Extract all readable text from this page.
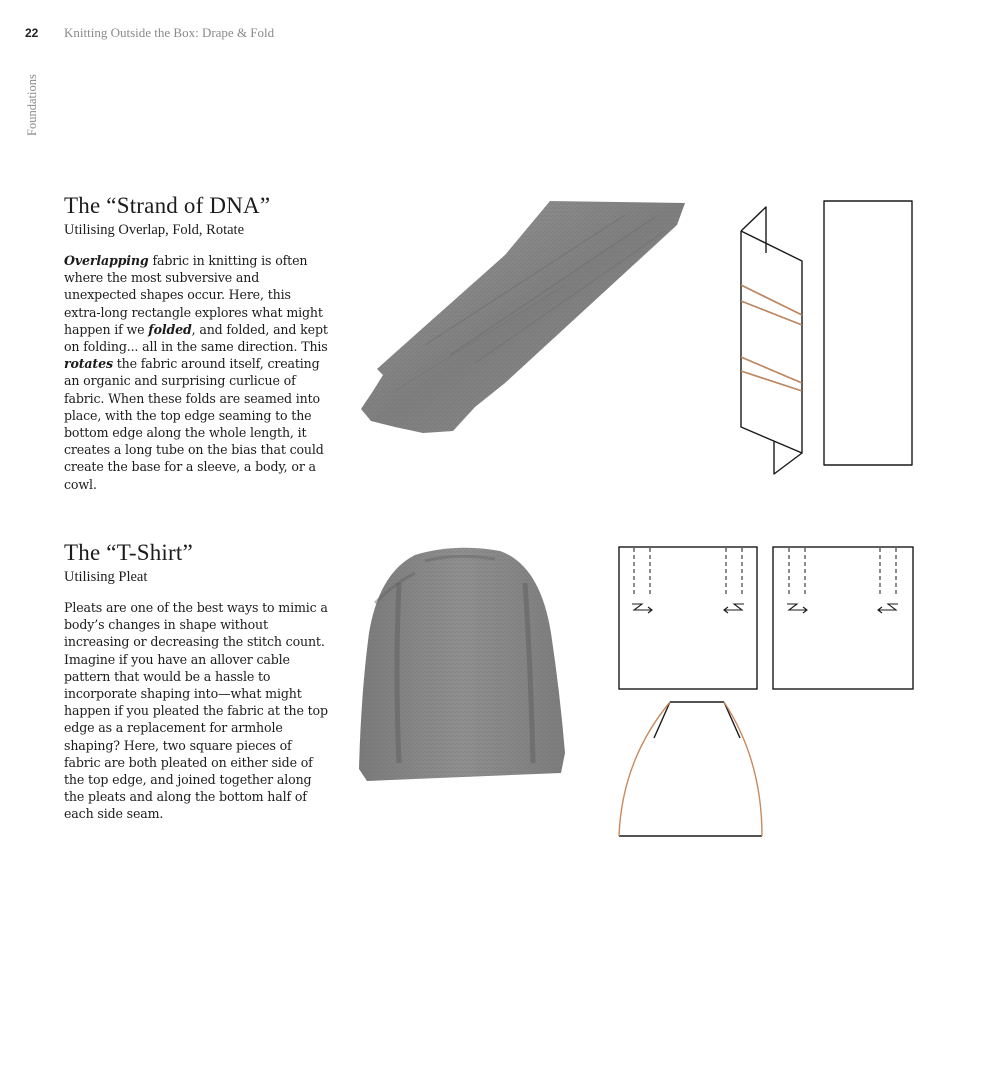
22 Knitting Outside the Box: Drape & Fold
Foundations
The “Strand of DNA”
Utilising Overlap, Fold, Rotate

Overlapping fabric in knitting is often where the most subversive and unexpected shapes occur. Here, this extra-long rectangle explores what might happen if we folded, and folded, and kept on folding... all in the same direction. This rotates the fabric around itself, creating an organic and surprising curlicue of fabric. When these folds are seamed into place, with the top edge seaming to the bottom edge along the whole length, it creates a long tube on the bias that could create the base for a sleeve, a body, or a cowl.

The “T-Shirt”
Utilising Pleat

Pleats are one of the best ways to mimic a body’s changes in shape without increasing or decreasing the stitch count. Imagine if you have an allover cable pattern that would be a hassle to incorporate shaping into—what might happen if you pleated the fabric at the top edge as a replacement for armhole shaping? Here, two square pieces of fabric are both pleated on either side of the top edge, and joined together along the pleats and along the bottom half of each side seam.
